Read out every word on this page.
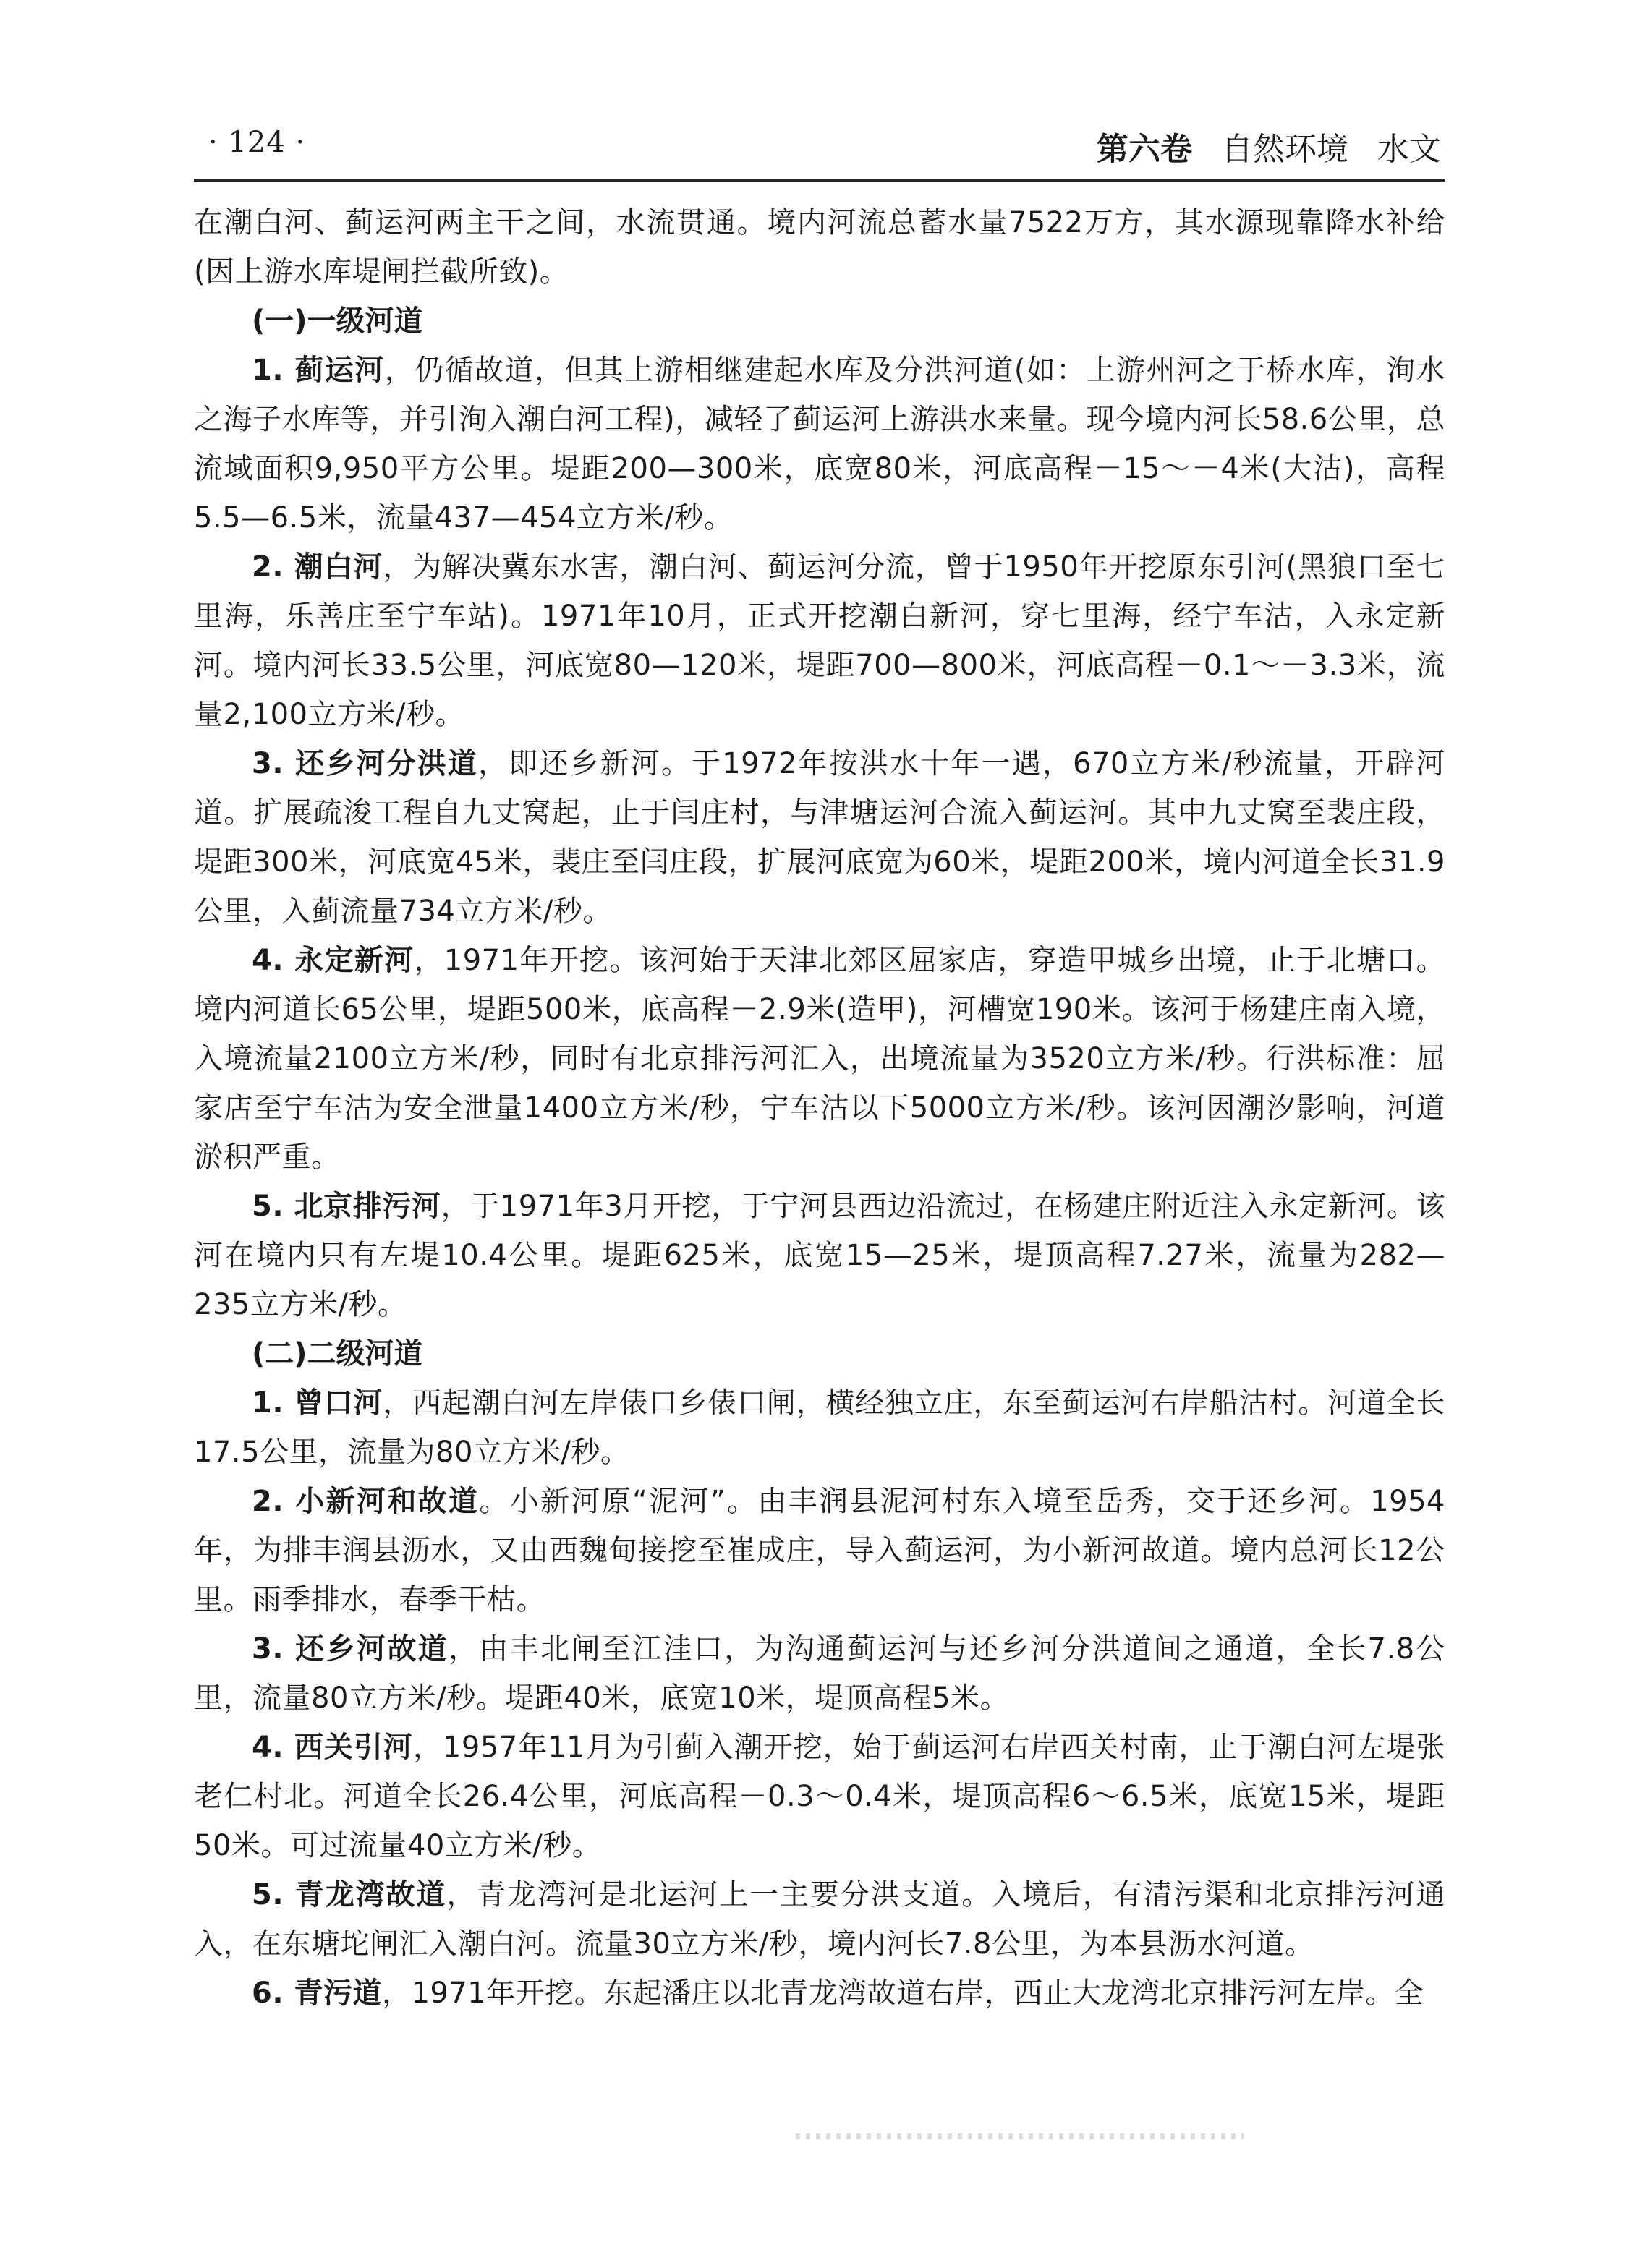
· 124 ·	第六卷 自然环境 水文

在潮白河、蓟运河两主干之间，水流贯通。境内河流总蓄水量7522万方，其水源现靠降水补给(因上游水库堤闸拦截所致)。

(一)一级河道

1. 蓟运河，仍循故道，但其上游相继建起水库及分洪河道(如：上游州河之于桥水库，洵水之海子水库等，并引洵入潮白河工程)，减轻了蓟运河上游洪水来量。现今境内河长58.6公里，总流域面积9,950平方公里。堤距200—300米，底宽80米，河底高程－15～－4米(大沽)，高程5.5—6.5米，流量437—454立方米/秒。

2. 潮白河，为解决冀东水害，潮白河、蓟运河分流，曾于1950年开挖原东引河(黑狼口至七里海，乐善庄至宁车站)。1971年10月，正式开挖潮白新河，穿七里海，经宁车沽，入永定新河。境内河长33.5公里，河底宽80—120米，堤距700—800米，河底高程－0.1～－3.3米，流量2,100立方米/秒。

3. 还乡河分洪道，即还乡新河。于1972年按洪水十年一遇，670立方米/秒流量，开辟河道。扩展疏浚工程自九丈窝起，止于闫庄村，与津塘运河合流入蓟运河。其中九丈窝至裴庄段，堤距300米，河底宽45米，裴庄至闫庄段，扩展河底宽为60米，堤距200米，境内河道全长31.9公里，入蓟流量734立方米/秒。

4. 永定新河，1971年开挖。该河始于天津北郊区屈家店，穿造甲城乡出境，止于北塘口。境内河道长65公里，堤距500米，底高程－2.9米(造甲)，河槽宽190米。该河于杨建庄南入境，入境流量2100立方米/秒，同时有北京排污河汇入，出境流量为3520立方米/秒。行洪标准：屈家店至宁车沽为安全泄量1400立方米/秒，宁车沽以下5000立方米/秒。该河因潮汐影响，河道淤积严重。

5. 北京排污河，于1971年3月开挖，于宁河县西边沿流过，在杨建庄附近注入永定新河。该河在境内只有左堤10.4公里。堤距625米，底宽15—25米，堤顶高程7.27米，流量为282—235立方米/秒。

(二)二级河道

1. 曾口河，西起潮白河左岸俵口乡俵口闸，横经独立庄，东至蓟运河右岸船沽村。河道全长17.5公里，流量为80立方米/秒。

2. 小新河和故道。小新河原“泥河”。由丰润县泥河村东入境至岳秀，交于还乡河。1954年，为排丰润县沥水，又由西魏甸接挖至崔成庄，导入蓟运河，为小新河故道。境内总河长12公里。雨季排水，春季干枯。

3. 还乡河故道，由丰北闸至江洼口，为沟通蓟运河与还乡河分洪道间之通道，全长7.8公里，流量80立方米/秒。堤距40米，底宽10米，堤顶高程5米。

4. 西关引河，1957年11月为引蓟入潮开挖，始于蓟运河右岸西关村南，止于潮白河左堤张老仁村北。河道全长26.4公里，河底高程－0.3～0.4米，堤顶高程6～6.5米，底宽15米，堤距50米。可过流量40立方米/秒。

5. 青龙湾故道，青龙湾河是北运河上一主要分洪支道。入境后，有清污渠和北京排污河通入，在东塘坨闸汇入潮白河。流量30立方米/秒，境内河长7.8公里，为本县沥水河道。

6. 青污道，1971年开挖。东起潘庄以北青龙湾故道右岸，西止大龙湾北京排污河左岸。全
